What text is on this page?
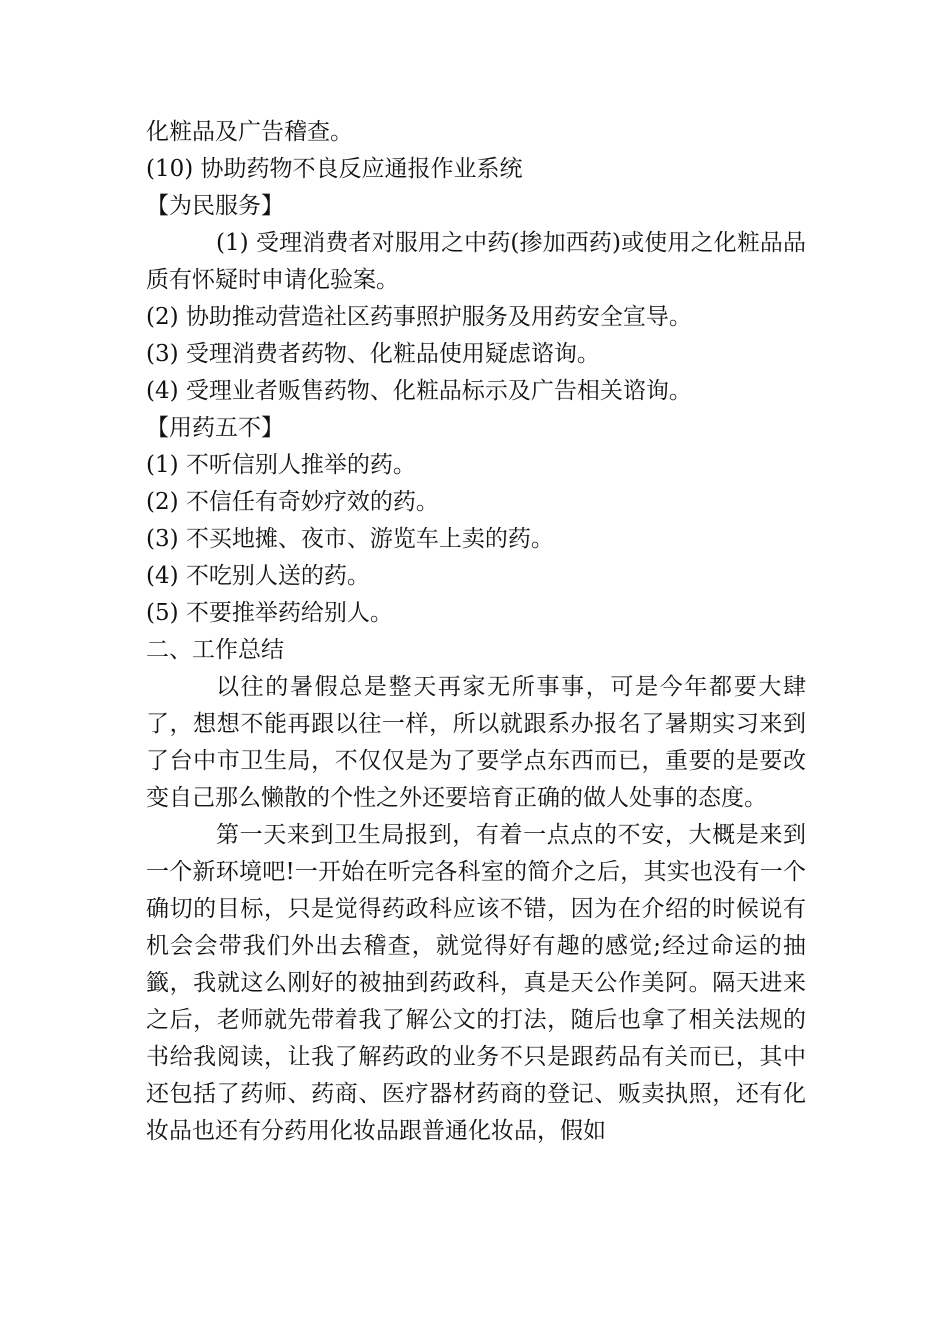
化粧品及广告稽查。

(10) 协助药物不良反应通报作业系统

【为民服务】

(1) 受理消费者对服用之中药(掺加西药)或使用之化粧品品质有怀疑时申请化验案。

(2) 协助推动营造社区药事照护服务及用药安全宣导。

(3) 受理消费者药物、化粧品使用疑虑谘询。

(4) 受理业者贩售药物、化粧品标示及广告相关谘询。

【用药五不】

(1) 不听信别人推举的药。

(2) 不信任有奇妙疗效的药。

(3) 不买地摊、夜市、游览车上卖的药。

(4) 不吃别人送的药。

(5) 不要推举药给别人。

二、工作总结

以往的暑假总是整天再家无所事事，可是今年都要大肆了，想想不能再跟以往一样，所以就跟系办报名了暑期实习来到了台中市卫生局，不仅仅是为了要学点东西而已，重要的是要改变自己那么懒散的个性之外还要培育正确的做人处事的态度。

第一天来到卫生局报到，有着一点点的不安，大概是来到一个新环境吧!一开始在听完各科室的简介之后，其实也没有一个确切的目标，只是觉得药政科应该不错，因为在介绍的时候说有机会会带我们外出去稽查，就觉得好有趣的感觉;经过命运的抽籤，我就这么刚好的被抽到药政科，真是天公作美阿。隔天进来之后，老师就先带着我了解公文的打法，随后也拿了相关法规的书给我阅读，让我了解药政的业务不只是跟药品有关而已，其中还包括了药师、药商、医疗器材药商的登记、贩卖执照，还有化妆品也还有分药用化妆品跟普通化妆品，假如
